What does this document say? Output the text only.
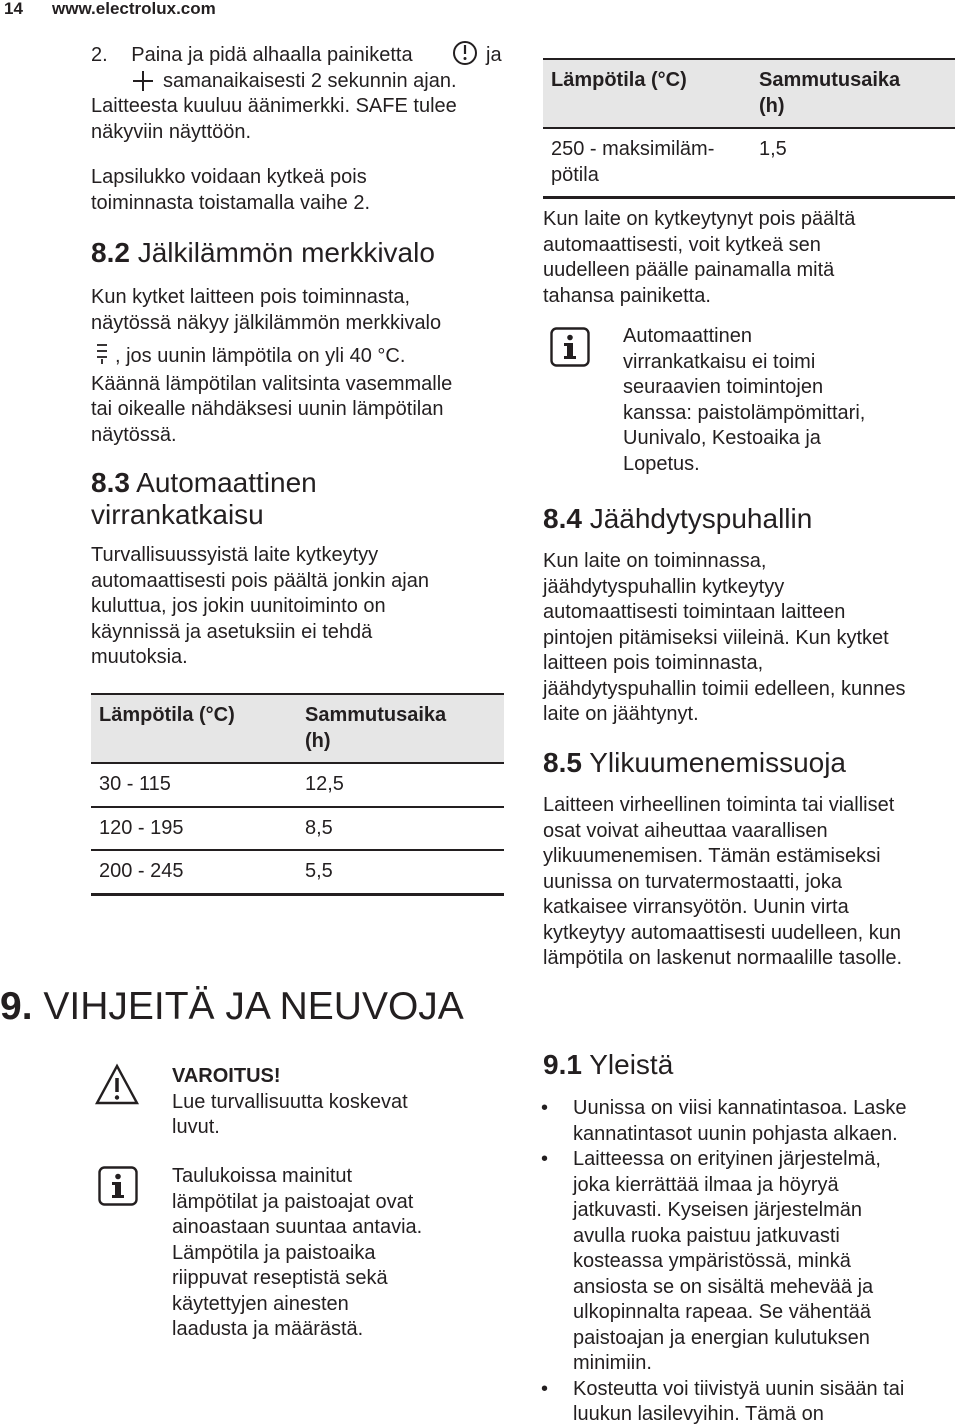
14 www.electrolux.com
2. Paina ja pidä alhaalla painiketta	ja
samanaikaisesti 2 sekunnin ajan.

Laitteesta kuuluu äänimerkki. SAFE tulee

näkyviin näyttöön.

Lapsilukko voidaan kytkeä pois

toiminnasta toistamalla vaihe 2.

8.2 Jälkilämmön merkkivalo

Kun kytket laitteen pois toiminnasta,

näytössä näkyy jälkilämmön merkkivalo

, jos uunin lämpötila on yli 40 °C.

Käännä lämpötilan valitsinta vasemmalle

tai oikealle nähdäksesi uunin lämpötilan

näytössä.

8.3 Automaattinen
virrankatkaisu

Turvallisuussyistä laite kytkeytyy

automaattisesti pois päältä jonkin ajan

kuluttua, jos jokin uunitoiminto on

käynnissä ja asetuksiin ei tehdä

muutoksia.

Lämpötila (°C)	Sammutusaika
(h)

30 - 115	12,5
120 - 195	8,5
200 - 245	5,5
9. VIHJEITÄ JA NEUVOJA

VAROITUS!

Lue turvallisuutta koskevat

luvut.

Taulukoissa mainitut

lämpötilat ja paistoajat ovat

ainoastaan suuntaa antavia.

Lämpötila ja paistoaika

riippuvat reseptistä sekä

käytettyjen ainesten

laadusta ja määrästä.

Lämpötila (°C)	Sammutusaika
(h)

250 - maksimiläm-
pötila	1,5

Kun laite on kytkeytynyt pois päältä

automaattisesti, voit kytkeä sen

uudelleen päälle painamalla mitä

tahansa painiketta.

Automaattinen

virrankatkaisu ei toimi

seuraavien toimintojen

kanssa: paistolämpömittari,

Uunivalo, Kestoaika ja

Lopetus.

8.4 Jäähdytyspuhallin

Kun laite on toiminnassa,

jäähdytyspuhallin kytkeytyy

automaattisesti toimintaan laitteen

pintojen pitämiseksi viileinä. Kun kytket

laitteen pois toiminnasta,

jäähdytyspuhallin toimii edelleen, kunnes

laite on jäähtynyt.

8.5 Ylikuumenemissuoja

Laitteen virheellinen toiminta tai vialliset

osat voivat aiheuttaa vaarallisen

ylikuumenemisen. Tämän estämiseksi

uunissa on turvatermostaatti, joka

katkaisee virransyötön. Uunin virta

kytkeytyy automaattisesti uudelleen, kun

lämpötila on laskenut normaalille tasolle.

9.1 Yleistä
• Uunissa on viisi kannatintasoa. Laske

kannatintasot uunin pohjasta alkaen.

• Laitteessa on erityinen järjestelmä,

joka kierrättää ilmaa ja höyryä

jatkuvasti. Kyseisen järjestelmän

avulla ruoka paistuu jatkuvasti

kosteassa ympäristössä, minkä

ansiosta se on sisältä mehevää ja

ulkopinnalta rapeaa. Se vähentää

paistoajan ja energian kulutuksen

minimiin.

• Kosteutta voi tiivistyä uunin sisään tai

luukun lasilevyihin. Tämä on
